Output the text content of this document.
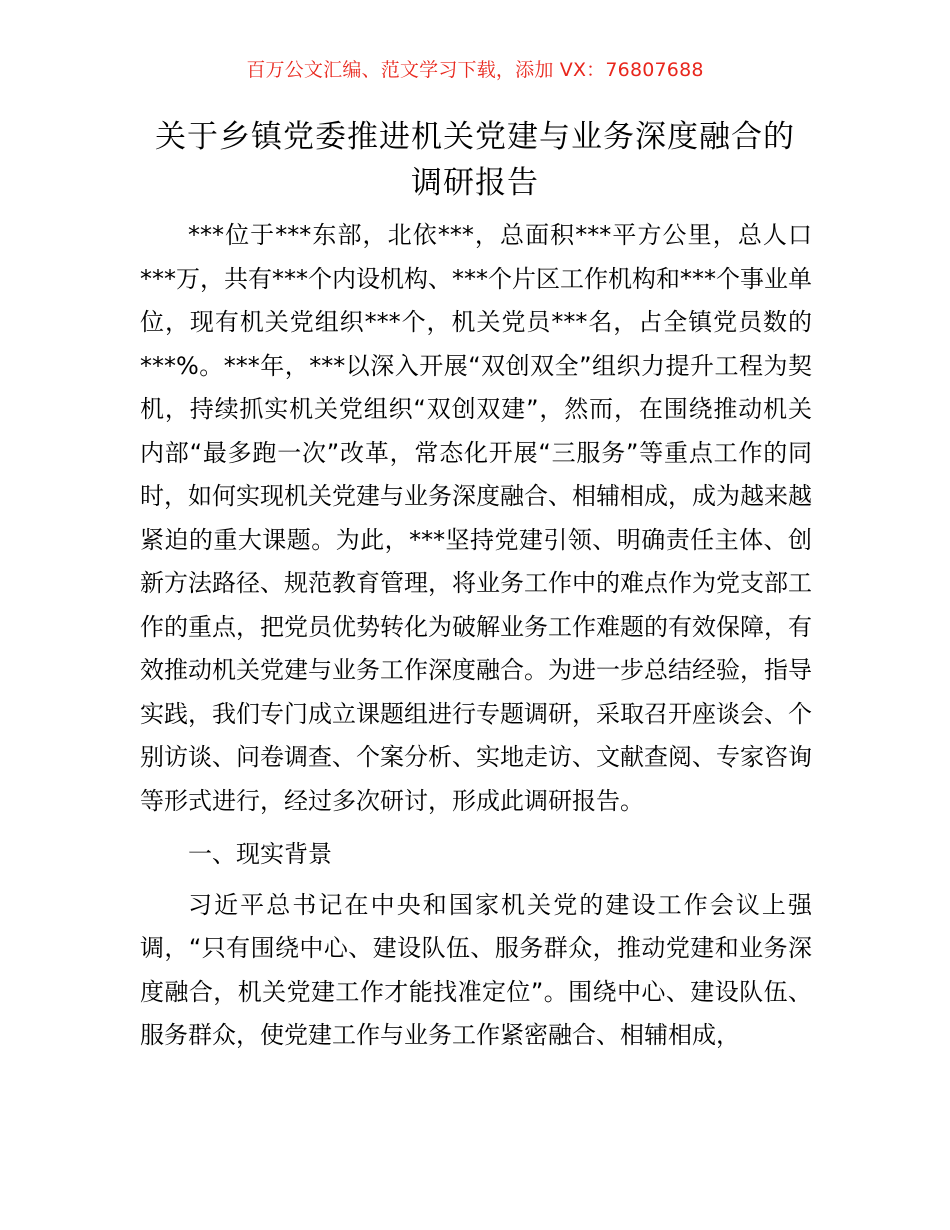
百万公文汇编、范文学习下载，添加 VX：76807688
关于乡镇党委推进机关党建与业务深度融合的
调研报告

***位于***东部，北依***，总面积***平方公里，总人口***万，共有***个内设机构、***个片区工作机构和***个事业单位，现有机关党组织***个，机关党员***名，占全镇党员数的***%。***年，***以深入开展“双创双全”组织力提升工程为契机，持续抓实机关党组织“双创双建”，然而，在围绕推动机关内部“最多跑一次”改革，常态化开展“三服务”等重点工作的同时，如何实现机关党建与业务深度融合、相辅相成，成为越来越紧迫的重大课题。为此，***坚持党建引领、明确责任主体、创新方法路径、规范教育管理，将业务工作中的难点作为党支部工作的重点，把党员优势转化为破解业务工作难题的有效保障，有效推动机关党建与业务工作深度融合。为进一步总结经验，指导实践，我们专门成立课题组进行专题调研，采取召开座谈会、个别访谈、问卷调查、个案分析、实地走访、文献查阅、专家咨询等形式进行，经过多次研讨，形成此调研报告。

一、现实背景

习近平总书记在中央和国家机关党的建设工作会议上强调，“只有围绕中心、建设队伍、服务群众，推动党建和业务深度融合，机关党建工作才能找准定位”。围绕中心、建设队伍、服务群众，使党建工作与业务工作紧密融合、相辅相成，
